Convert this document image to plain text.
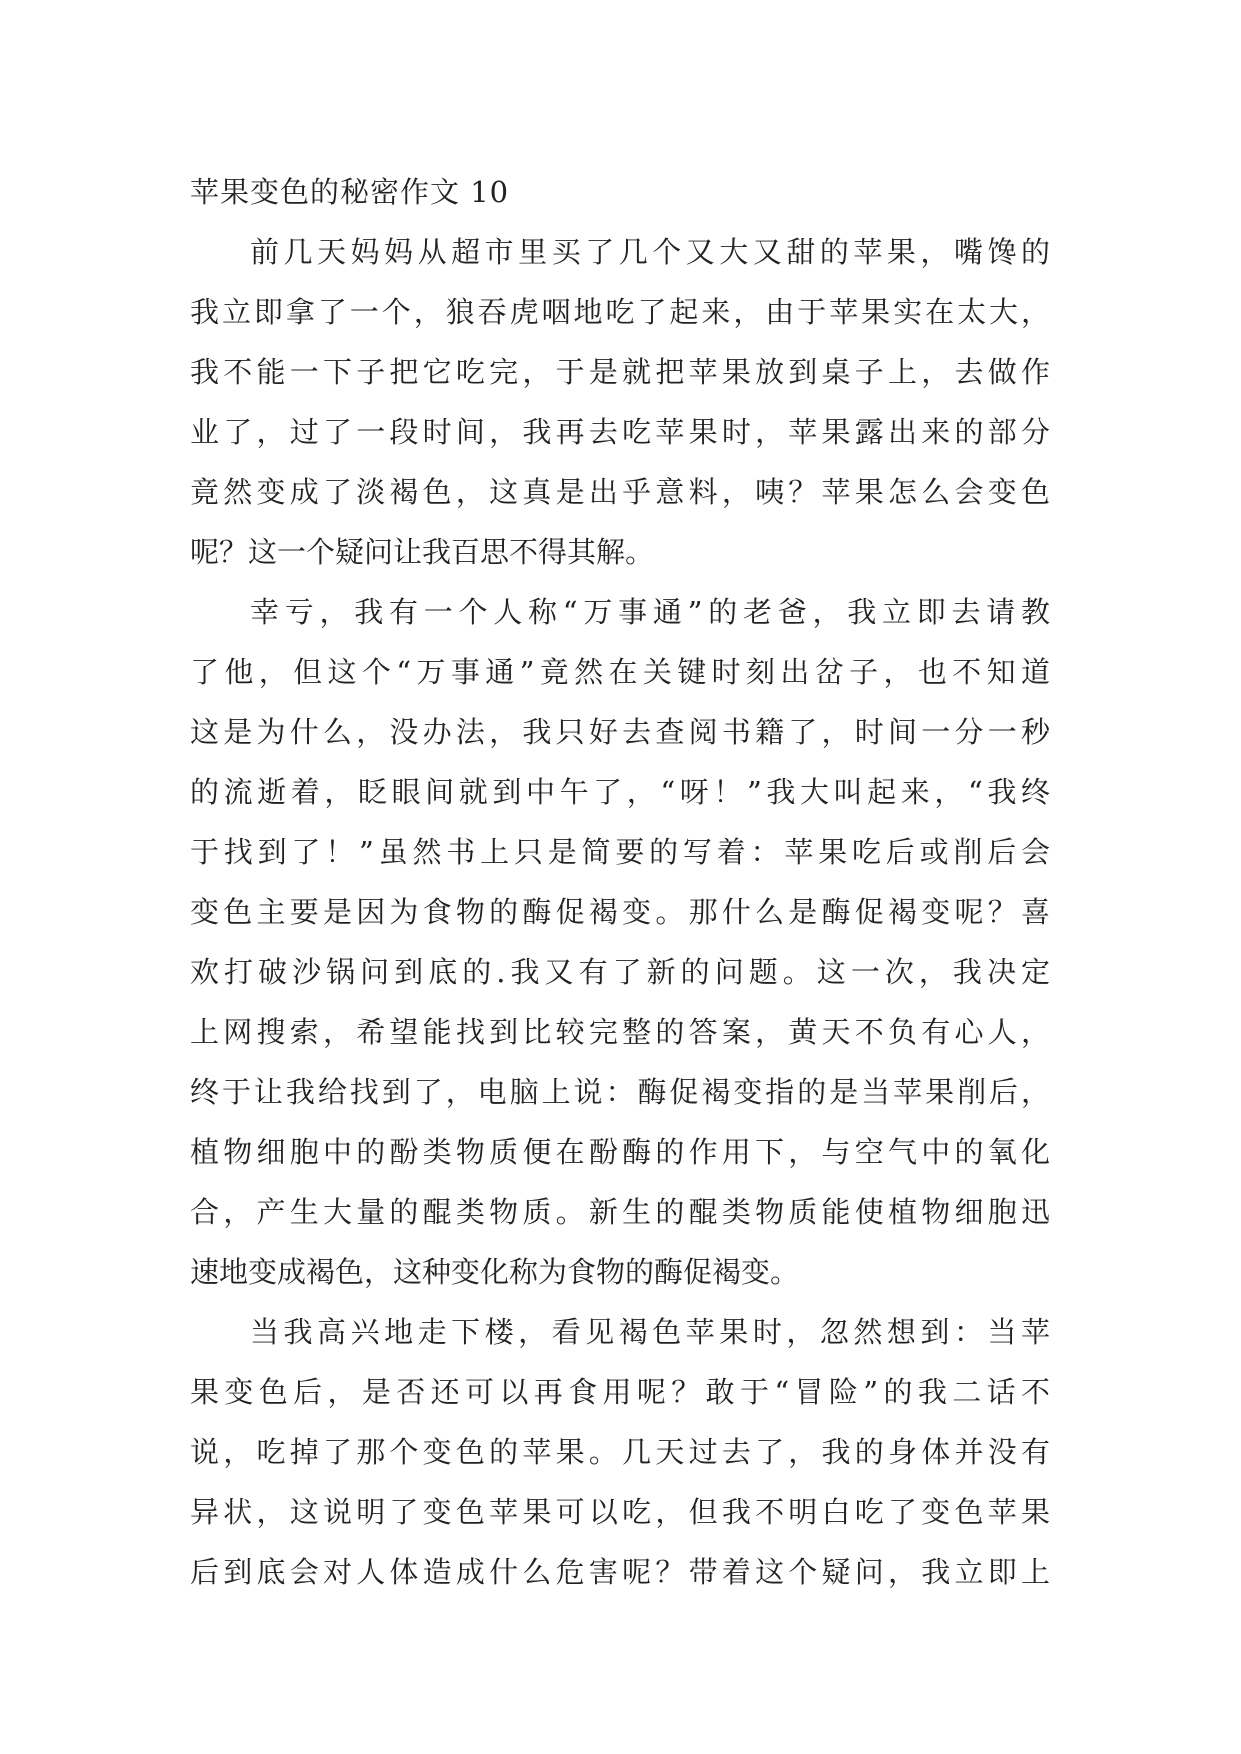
苹果变色的秘密作文 10
前几天妈妈从超市里买了几个又大又甜的苹果，嘴馋的
我立即拿了一个，狼吞虎咽地吃了起来，由于苹果实在太大，
我不能一下子把它吃完，于是就把苹果放到桌子上，去做作
业了，过了一段时间，我再去吃苹果时，苹果露出来的部分
竟然变成了淡褐色，这真是出乎意料，咦？苹果怎么会变色
呢？这一个疑问让我百思不得其解。
幸亏，我有一个人称“万事通”的老爸，我立即去请教
了他，但这个“万事通”竟然在关键时刻出岔子，也不知道
这是为什么，没办法，我只好去查阅书籍了，时间一分一秒
的流逝着，眨眼间就到中午了，“呀！”我大叫起来，“我终
于找到了！”虽然书上只是简要的写着：苹果吃后或削后会
变色主要是因为食物的酶促褐变。那什么是酶促褐变呢？喜
欢打破沙锅问到底的.我又有了新的问题。这一次，我决定
上网搜索，希望能找到比较完整的答案，黄天不负有心人，
终于让我给找到了，电脑上说：酶促褐变指的是当苹果削后，
植物细胞中的酚类物质便在酚酶的作用下，与空气中的氧化
合，产生大量的醌类物质。新生的醌类物质能使植物细胞迅
速地变成褐色，这种变化称为食物的酶促褐变。
当我高兴地走下楼，看见褐色苹果时，忽然想到：当苹
果变色后，是否还可以再食用呢？敢于“冒险”的我二话不
说，吃掉了那个变色的苹果。几天过去了，我的身体并没有
异状，这说明了变色苹果可以吃，但我不明白吃了变色苹果
后到底会对人体造成什么危害呢？带着这个疑问，我立即上
